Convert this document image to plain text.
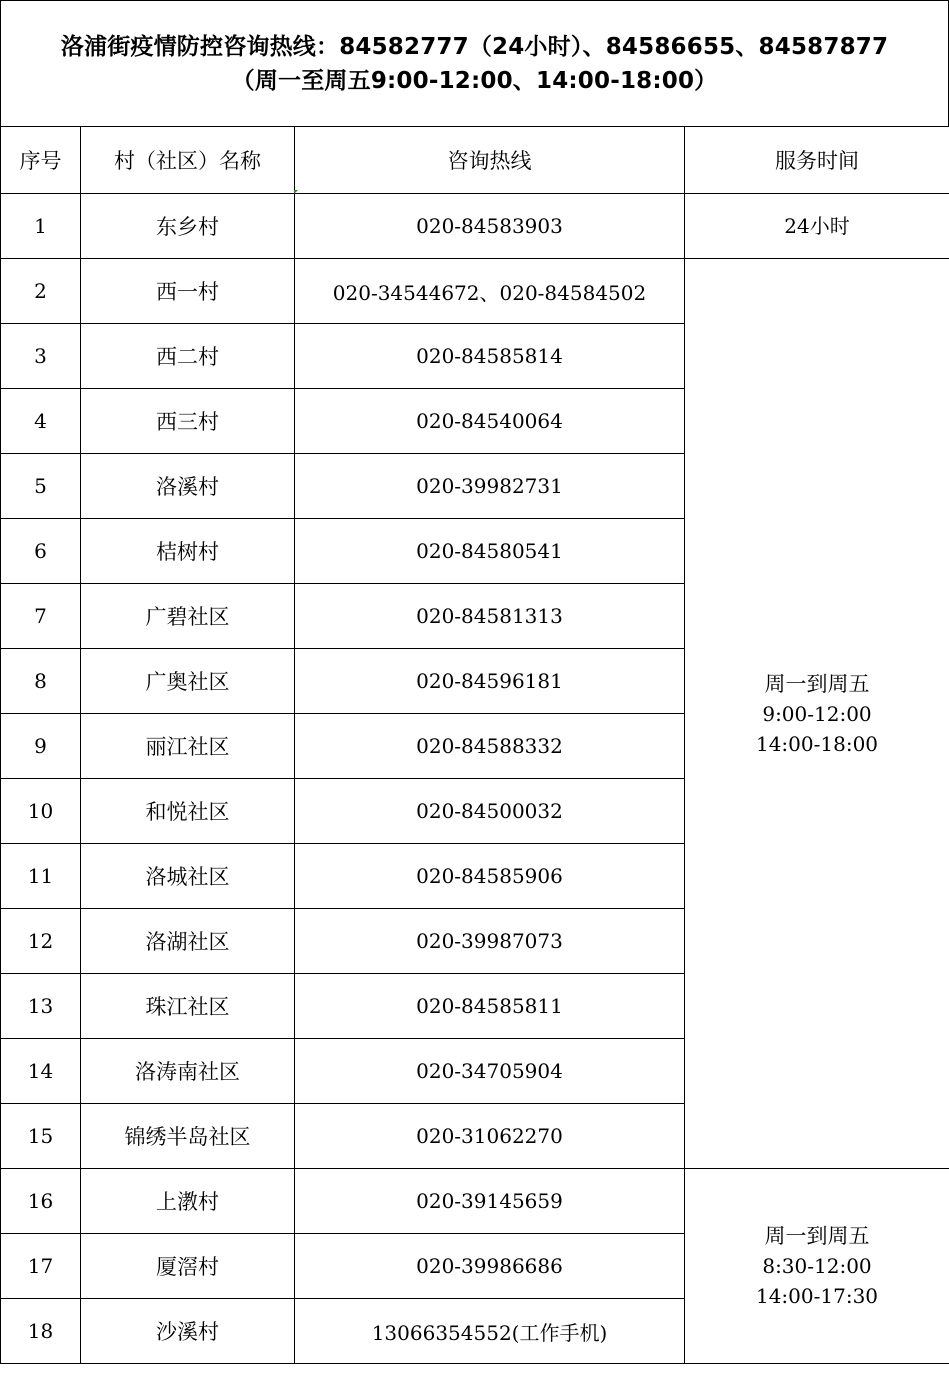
洛浦街疫情防控咨询热线：84582777（24小时）、84586655、84587877
（周一至周五9:00-12:00、14:00-18:00）
序号	村（社区）名称	咨询热线	服务时间
1	东乡村	020-84583903	24小时
2	西一村	020-34544672、020-84584502	周一到周五
9:00-12:00
14:00-18:00

3	西二村	020-84585814	
4	西三村	020-84540064	
5	洛溪村	020-39982731	
6	桔树村	020-84580541	
7	广碧社区	020-84581313	
8	广奥社区	020-84596181	
9	丽江社区	020-84588332	
10	和悦社区	020-84500032	
11	洛城社区	020-84585906	
12	洛湖社区	020-39987073	
13	珠江社区	020-84585811	
14	洛涛南社区	020-34705904	
15	锦绣半岛社区	020-31062270	
16	上漖村	020-39145659	周一到周五
8:30-12:00
14:00-17:30

17	厦滘村	020-39986686	
18	沙溪村	13066354552(工作手机)	
